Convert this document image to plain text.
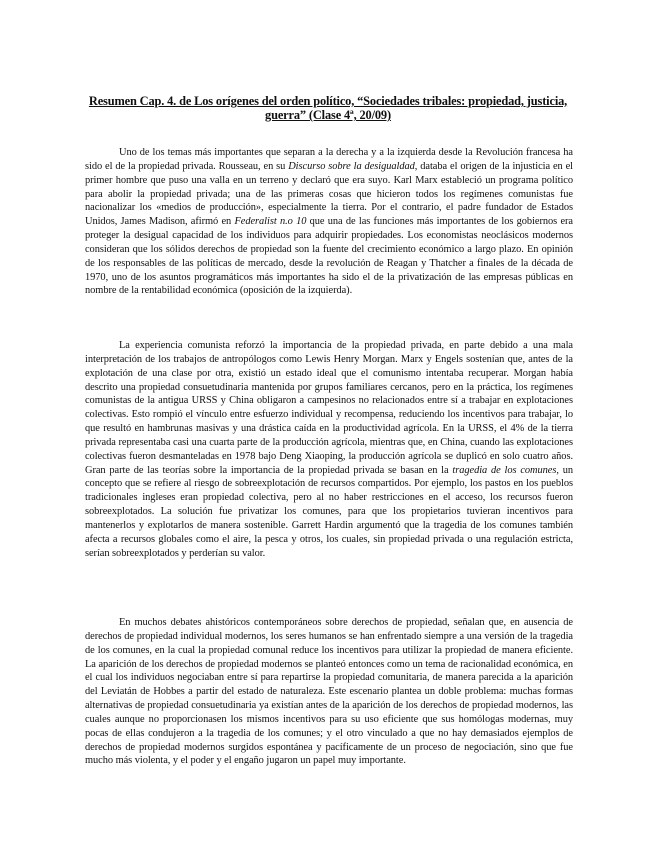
Resumen Cap. 4. de Los orígenes del orden político, “Sociedades tribales: propiedad, justicia, guerra” (Clase 4ª, 20/09)

Uno de los temas más importantes que separan a la derecha y a la izquierda desde la Revolución francesa ha sido el de la propiedad privada. Rousseau, en su Discurso sobre la desigualdad, databa el origen de la injusticia en el primer hombre que puso una valla en un terreno y declaró que era suyo. Karl Marx estableció un programa político para abolir la propiedad privada; una de las primeras cosas que hicieron todos los regímenes comunistas fue nacionalizar los «medios de producción», especialmente la tierra. Por el contrario, el padre fundador de Estados Unidos, James Madison, afirmó en Federalist n.o 10 que una de las funciones más importantes de los gobiernos era proteger la desigual capacidad de los individuos para adquirir propiedades. Los economistas neoclásicos modernos consideran que los sólidos derechos de propiedad son la fuente del crecimiento económico a largo plazo. En opinión de los responsables de las políticas de mercado, desde la revolución de Reagan y Thatcher a finales de la década de 1970, uno de los asuntos programáticos más importantes ha sido el de la privatización de las empresas públicas en nombre de la rentabilidad económica (oposición de la izquierda).

La experiencia comunista reforzó la importancia de la propiedad privada, en parte debido a una mala interpretación de los trabajos de antropólogos como Lewis Henry Morgan. Marx y Engels sostenían que, antes de la explotación de una clase por otra, existió un estado ideal que el comunismo intentaba recuperar. Morgan había descrito una propiedad consuetudinaria mantenida por grupos familiares cercanos, pero en la práctica, los regímenes comunistas de la antigua URSS y China obligaron a campesinos no relacionados entre sí a trabajar en explotaciones colectivas. Esto rompió el vínculo entre esfuerzo individual y recompensa, reduciendo los incentivos para trabajar, lo que resultó en hambrunas masivas y una drástica caída en la productividad agrícola. En la URSS, el 4% de la tierra privada representaba casi una cuarta parte de la producción agrícola, mientras que, en China, cuando las explotaciones colectivas fueron desmanteladas en 1978 bajo Deng Xiaoping, la producción agrícola se duplicó en solo cuatro años. Gran parte de las teorías sobre la importancia de la propiedad privada se basan en la tragedia de los comunes, un concepto que se refiere al riesgo de sobreexplotación de recursos compartidos. Por ejemplo, los pastos en los pueblos tradicionales ingleses eran propiedad colectiva, pero al no haber restricciones en el acceso, los recursos fueron sobreexplotados. La solución fue privatizar los comunes, para que los propietarios tuvieran incentivos para mantenerlos y explotarlos de manera sostenible. Garrett Hardin argumentó que la tragedia de los comunes también afecta a recursos globales como el aire, la pesca y otros, los cuales, sin propiedad privada o una regulación estricta, serían sobreexplotados y perderían su valor.

En muchos debates ahistóricos contemporáneos sobre derechos de propiedad, señalan que, en ausencia de derechos de propiedad individual modernos, los seres humanos se han enfrentado siempre a una versión de la tragedia de los comunes, en la cual la propiedad comunal reduce los incentivos para utilizar la propiedad de manera eficiente. La aparición de los derechos de propiedad modernos se planteó entonces como un tema de racionalidad económica, en el cual los individuos negociaban entre sí para repartirse la propiedad comunitaria, de manera parecida a la aparición del Leviatán de Hobbes a partir del estado de naturaleza. Este escenario plantea un doble problema: muchas formas alternativas de propiedad consuetudinaria ya existían antes de la aparición de los derechos de propiedad modernos, las cuales aunque no proporcionasen los mismos incentivos para su uso eficiente que sus homólogas modernas, muy pocas de ellas condujeron a la tragedia de los comunes; y el otro vinculado a que no hay demasiados ejemplos de derechos de propiedad modernos surgidos espontánea y pacíficamente de un proceso de negociación, sino que fue mucho más violenta, y el poder y el engaño jugaron un papel muy importante.
